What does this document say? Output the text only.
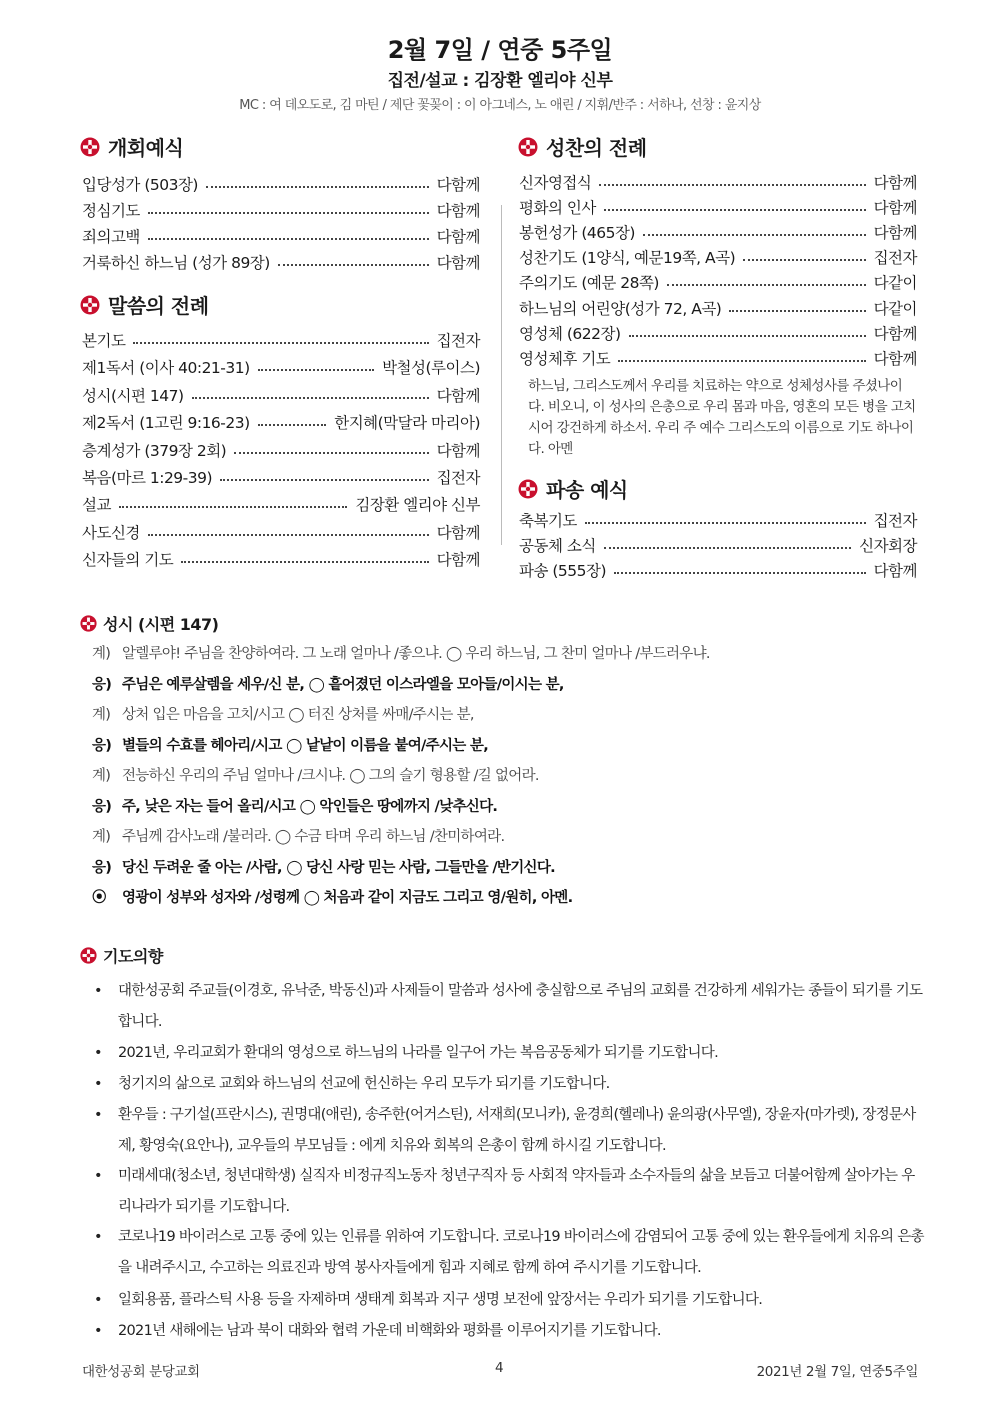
2월 7일 / 연중 5주일
집전/설교 : 김장환 엘리야 신부
MC : 여 데오도로, 김 마틴 / 제단 꽃꽂이 : 이 아그네스, 노 애린 / 지휘/반주 : 서하나, 선창 : 윤지상
개회예식
말씀의 전례
성찬의 전례
파송 예식
입당성가 (503장)	다함께
정심기도	다함께
죄의고백	다함께
거룩하신 하느님 (성가 89장)	다함께
본기도	집전자
제1독서 (이사 40:21-31)	박철성(루이스)
성시(시편 147)	다함께
제2독서 (1고린 9:16-23)	한지혜(막달라 마리아)
층계성가 (379장 2회)	다함께
복음(마르 1:29-39)	집전자
설교	김장환 엘리야 신부
사도신경	다함께
신자들의 기도	다함께
신자영접식	다함께
평화의 인사	다함께
봉헌성가 (465장)	다함께
성찬기도 (1양식, 예문19쪽, A곡)	집전자
주의기도 (예문 28쪽)	다같이
하느님의 어린양(성가 72, A곡)	다같이
영성체 (622장)	다함께
영성체후 기도	다함께
축복기도	집전자
공동체 소식	신자회장
파송 (555장)	다함께
하느님, 그리스도께서 우리를 치료하는 약으로 성체성사를 주셨나이다. 비오니, 이 성사의 은총으로 우리 몸과 마음, 영혼의 모든 병을 고치시어 강건하게 하소서. 우리 주 예수 그리스도의 이름으로 기도 하나이다. 아멘
성시 (시편 147)
계) 알렐루야! 주님을 찬양하여라. 그 노래 얼마나 /좋으냐. ◯ 우리 하느님, 그 찬미 얼마나 /부드러우냐.
응) 주님은 예루살렘을 세우/신 분, ◯ 흩어졌던 이스라엘을 모아들/이시는 분,
계) 상처 입은 마음을 고치/시고 ◯ 터진 상처를 싸매/주시는 분,
응) 별들의 수효를 헤아리/시고 ◯ 낱낱이 이름을 붙여/주시는 분,
계) 전능하신 우리의 주님 얼마나 /크시냐. ◯ 그의 슬기 형용할 /길 없어라.
응) 주, 낮은 자는 들어 올리/시고 ◯ 악인들은 땅에까지 /낮추신다.
계) 주님께 감사노래 /불러라. ◯ 수금 타며 우리 하느님 /찬미하여라.
응) 당신 두려운 줄 아는 /사람, ◯ 당신 사랑 믿는 사람, 그들만을 /반기신다.
⦿ 영광이 성부와 성자와 /성령께 ◯ 처음과 같이 지금도 그리고 영/원히, 아멘.
기도의향
•	대한성공회 주교들(이경호, 유낙준, 박동신)과 사제들이 말씀과 성사에 충실함으로 주님의 교회를 건강하게 세워가는 종들이 되기를 기도합니다.
•	2021년, 우리교회가 환대의 영성으로 하느님의 나라를 일구어 가는 복음공동체가 되기를 기도합니다.
•	청기지의 삶으로 교회와 하느님의 선교에 헌신하는 우리 모두가 되기를 기도합니다.
•	환우들 : 구기설(프란시스), 권명대(애린), 송주한(어거스틴), 서재희(모니카), 윤경희(헬레나) 윤의광(사무엘), 장윤자(마가렛), 장정문사제, 황영숙(요안나), 교우들의 부모님들 : 에게 치유와 회복의 은총이 함께 하시길 기도합니다.
•	미래세대(청소년, 청년대학생) 실직자 비정규직노동자 청년구직자 등 사회적 약자들과 소수자들의 삶을 보듬고 더불어함께 살아가는 우리나라가 되기를 기도합니다.
•	코로나19 바이러스로 고통 중에 있는 인류를 위하여 기도합니다. 코로나19 바이러스에 감염되어 고통 중에 있는 환우들에게 치유의 은총을 내려주시고, 수고하는 의료진과 방역 봉사자들에게 힘과 지혜로 함께 하여 주시기를 기도합니다.
•	일회용품, 플라스틱 사용 등을 자제하며 생태계 회복과 지구 생명 보전에 앞장서는 우리가 되기를 기도합니다.
•	2021년 새해에는 남과 북이 대화와 협력 가운데 비핵화와 평화를 이루어지기를 기도합니다.
대한성공회 분당교회	4	2021년 2월 7일, 연중5주일
